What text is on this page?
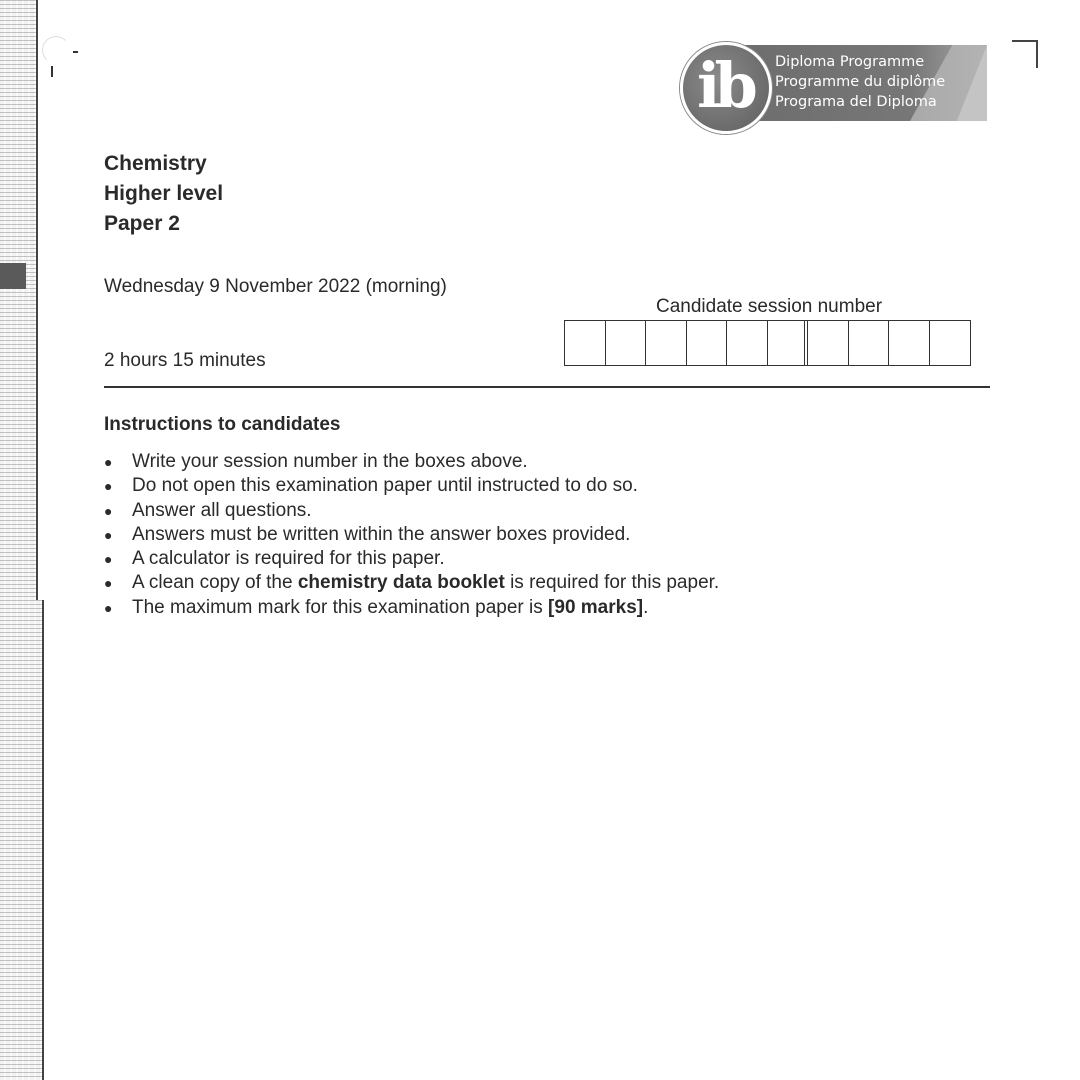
ib Diploma Programme
Programme du diplôme
Programa del Diploma
Chemistry
Higher level
Paper 2
Wednesday 9 November 2022 (morning)
2 hours 15 minutes
Candidate session number
Instructions to candidates
●	Write your session number in the boxes above.
●	Do not open this examination paper until instructed to do so.
●	Answer all questions.
●	Answers must be written within the answer boxes provided.
●	A calculator is required for this paper.
●	A clean copy of the chemistry data booklet is required for this paper.
●	The maximum mark for this examination paper is [90 marks] .
